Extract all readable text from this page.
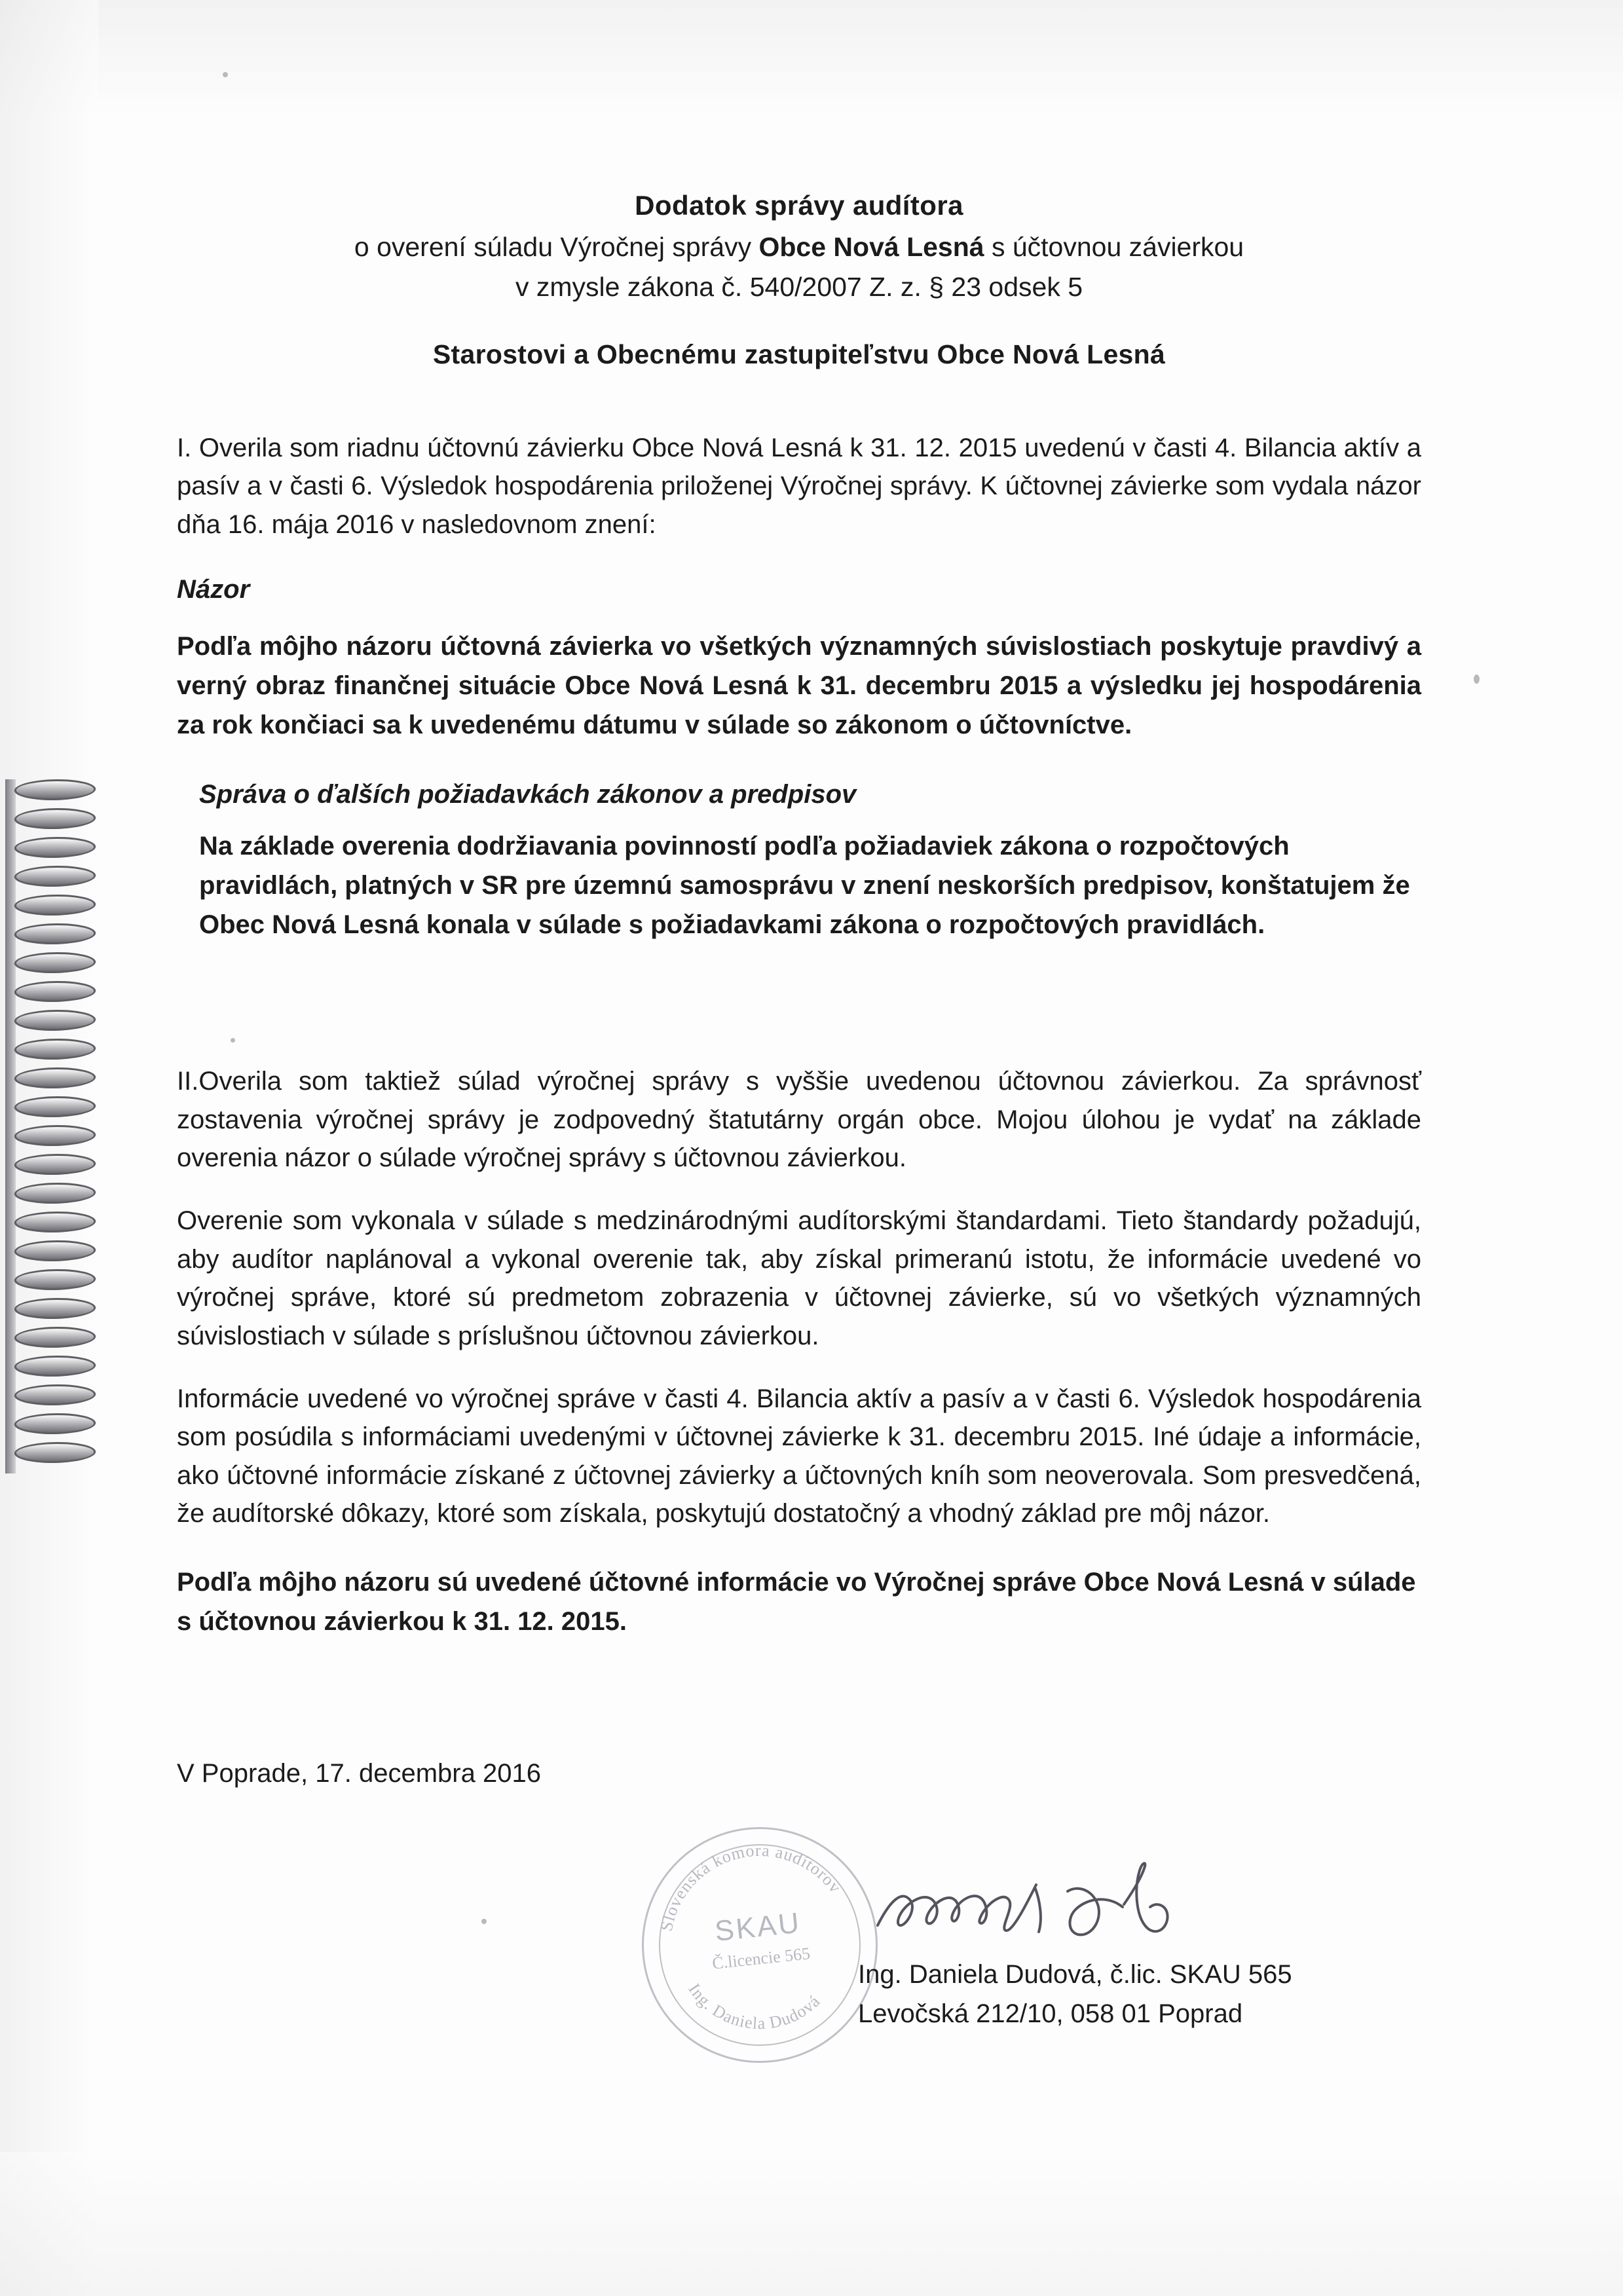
Dodatok správy audítora
o overení súladu Výročnej správy Obce Nová Lesná s účtovnou závierkou
v zmysle zákona č. 540/2007 Z. z. § 23 odsek 5
Starostovi a Obecnému zastupiteľstvu Obce Nová Lesná

I. Overila som riadnu účtovnú závierku Obce Nová Lesná k 31. 12. 2015 uvedenú v časti 4. Bilancia aktív a pasív a v časti 6. Výsledok hospodárenia priloženej Výročnej správy. K účtovnej závierke som vydala názor dňa 16. mája 2016 v nasledovnom znení:

Názor

Podľa môjho názoru účtovná závierka vo všetkých významných súvislostiach poskytuje pravdivý a verný obraz finančnej situácie Obce Nová Lesná k 31. decembru 2015 a výsledku jej hospodárenia za rok končiaci sa k uvedenému dátumu v súlade so zákonom o účtovníctve.

Správa o ďalších požiadavkách zákonov a predpisov

Na základe overenia dodržiavania povinností podľa požiadaviek zákona o rozpočtových pravidlách, platných v SR pre územnú samosprávu v znení neskorších predpisov, konštatujem že Obec Nová Lesná konala v súlade s požiadavkami zákona o rozpočtových pravidlách.

II.Overila som taktiež súlad výročnej správy s vyššie uvedenou účtovnou závierkou. Za správnosť zostavenia výročnej správy je zodpovedný štatutárny orgán obce. Mojou úlohou je vydať na základe overenia názor o súlade výročnej správy s účtovnou závierkou.

Overenie som vykonala v súlade s medzinárodnými audítorskými štandardami. Tieto štandardy požadujú, aby audítor naplánoval a vykonal overenie tak, aby získal primeranú istotu, že informácie uvedené vo výročnej správe, ktoré sú predmetom zobrazenia v účtovnej závierke, sú vo všetkých významných súvislostiach v súlade s príslušnou účtovnou závierkou.

Informácie uvedené vo výročnej správe v časti 4. Bilancia aktív a pasív a v časti 6. Výsledok hospodárenia som posúdila s informáciami uvedenými v účtovnej závierke k 31. decembru 2015. Iné údaje a informácie, ako účtovné informácie získané z účtovnej závierky a účtovných kníh som neoverovala. Som presvedčená, že audítorské dôkazy, ktoré som získala, poskytujú dostatočný a vhodný základ pre môj názor.

Podľa môjho názoru sú uvedené účtovné informácie vo Výročnej správe Obce Nová Lesná v súlade s účtovnou závierkou k 31. 12. 2015.

V Poprade, 17. decembra 2016
Slovenská komora audítorov
Ing. Daniela Dudová
SKAU
Č.licencie 565
Ing. Daniela Dudová, č.lic. SKAU 565
Levočská 212/10, 058 01 Poprad
